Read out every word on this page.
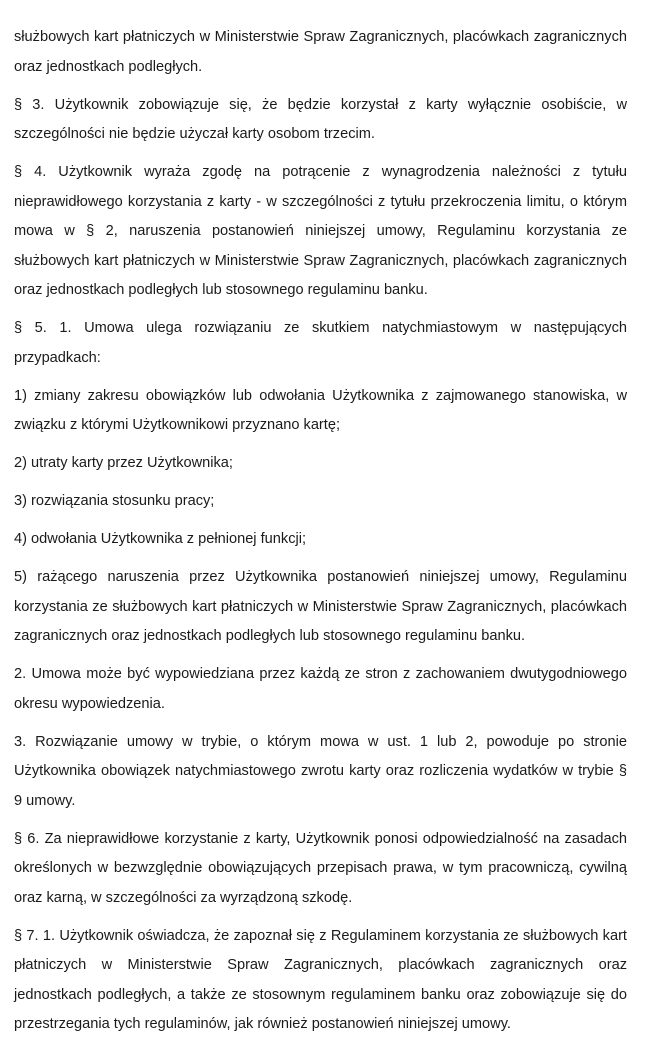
służbowych kart płatniczych w Ministerstwie Spraw Zagranicznych, placówkach zagranicznych oraz jednostkach podległych.

§ 3. Użytkownik zobowiązuje się, że będzie korzystał z karty wyłącznie osobiście, w szczególności nie będzie użyczał karty osobom trzecim.

§ 4. Użytkownik wyraża zgodę na potrącenie z wynagrodzenia należności z tytułu nieprawidłowego korzystania z karty - w szczególności z tytułu przekroczenia limitu, o którym mowa w § 2, naruszenia postanowień niniejszej umowy, Regulaminu korzystania ze służbowych kart płatniczych w Ministerstwie Spraw Zagranicznych, placówkach zagranicznych oraz jednostkach podległych lub stosownego regulaminu banku.

§ 5. 1. Umowa ulega rozwiązaniu ze skutkiem natychmiastowym w następujących przypadkach:

1) zmiany zakresu obowiązków lub odwołania Użytkownika z zajmowanego stanowiska, w związku z którymi Użytkownikowi przyznano kartę;

2) utraty karty przez Użytkownika;

3) rozwiązania stosunku pracy;

4) odwołania Użytkownika z pełnionej funkcji;

5) rażącego naruszenia przez Użytkownika postanowień niniejszej umowy, Regulaminu korzystania ze służbowych kart płatniczych w Ministerstwie Spraw Zagranicznych, placówkach zagranicznych oraz jednostkach podległych lub stosownego regulaminu banku.

2. Umowa może być wypowiedziana przez każdą ze stron z zachowaniem dwutygodniowego okresu wypowiedzenia.

3. Rozwiązanie umowy w trybie, o którym mowa w ust. 1 lub 2, powoduje po stronie Użytkownika obowiązek natychmiastowego zwrotu karty oraz rozliczenia wydatków w trybie § 9 umowy.

§ 6. Za nieprawidłowe korzystanie z karty, Użytkownik ponosi odpowiedzialność na zasadach określonych w bezwzględnie obowiązujących przepisach prawa, w tym pracowniczą, cywilną oraz karną, w szczególności za wyrządzoną szkodę.

§ 7. 1. Użytkownik oświadcza, że zapoznał się z Regulaminem korzystania ze służbowych kart płatniczych w Ministerstwie Spraw Zagranicznych, placówkach zagranicznych oraz jednostkach podległych, a także ze stosownym regulaminem banku oraz zobowiązuje się do przestrzegania tych regulaminów, jak również postanowień niniejszej umowy.
